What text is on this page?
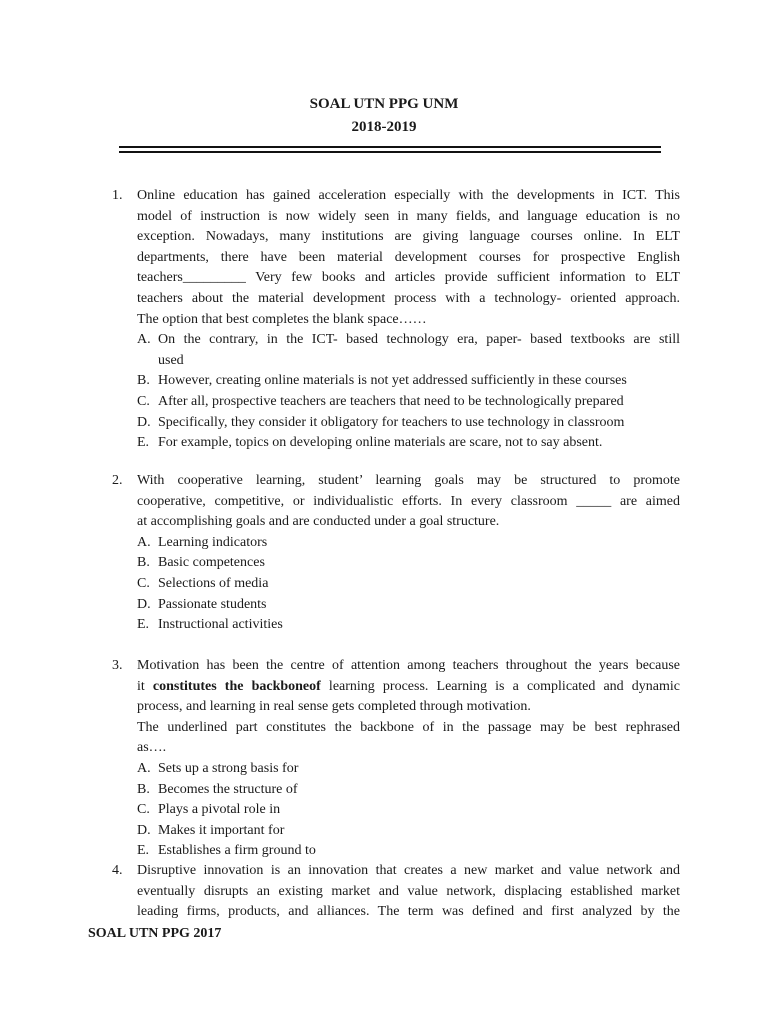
SOAL UTN PPG UNM
2018-2019
1. Online education has gained acceleration especially with the developments in ICT. This
model of instruction is now widely seen in many fields, and language education is no
exception. Nowadays, many institutions are giving language courses online. In ELT
departments, there have been material development courses for prospective English
teachers_________ Very few books and articles provide sufficient information to ELT
teachers about the material development process with a technology- oriented approach.
The option that best completes the blank space……
A. On the contrary, in the ICT- based technology era, paper- based textbooks are still
used
B. However, creating online materials is not yet addressed sufficiently in these courses
C. After all, prospective teachers are teachers that need to be technologically prepared
D. Specifically, they consider it obligatory for teachers to use technology in classroom
E. For example, topics on developing online materials are scare, not to say absent.
2. With cooperative learning, student’ learning goals may be structured to promote
cooperative, competitive, or individualistic efforts. In every classroom _____ are aimed
at accomplishing goals and are conducted under a goal structure.
A. Learning indicators
B. Basic competences
C. Selections of media
D. Passionate students
E. Instructional activities
3. Motivation has been the centre of attention among teachers throughout the years because
it constitutes the backboneof learning process. Learning is a complicated and dynamic
process, and learning in real sense gets completed through motivation.
The underlined part constitutes the backbone of in the passage may be best rephrased
as….
A. Sets up a strong basis for
B. Becomes the structure of
C. Plays a pivotal role in
D. Makes it important for
E. Establishes a firm ground to
4. Disruptive innovation is an innovation that creates a new market and value network and
eventually disrupts an existing market and value network, displacing established market
leading firms, products, and alliances. The term was defined and first analyzed by the
SOAL UTN PPG 2017
